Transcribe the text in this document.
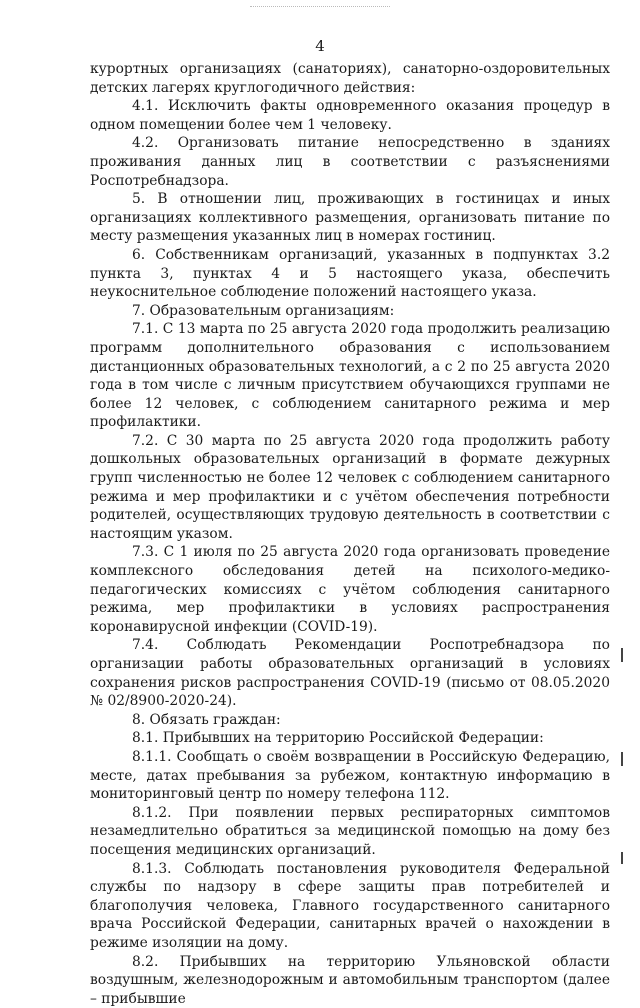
4

курортных организациях (санаториях), санаторно-оздоровительных детских лагерях круглогодичного действия:

4.1. Исключить факты одновременного оказания процедур в одном помещении более чем 1 человеку.

4.2. Организовать питание непосредственно в зданиях проживания данных лиц в соответствии с разъяснениями Роспотребнадзора.

5. В отношении лиц, проживающих в гостиницах и иных организациях коллективного размещения, организовать питание по месту размещения указанных лиц в номерах гостиниц.

6. Собственникам организаций, указанных в подпунктах 3.2 пункта 3, пунктах 4 и 5 настоящего указа, обеспечить неукоснительное соблюдение положений настоящего указа.

7. Образовательным организациям:

7.1. С 13 марта по 25 августа 2020 года продолжить реализацию программ дополнительного образования с использованием дистанционных образовательных технологий, а с 2 по 25 августа 2020 года в том числе с личным присутствием обучающихся группами не более 12 человек, с соблюдением санитарного режима и мер профилактики.

7.2. С 30 марта по 25 августа 2020 года продолжить работу дошкольных образовательных организаций в формате дежурных групп численностью не более 12 человек с соблюдением санитарного режима и мер профилактики и с учётом обеспечения потребности родителей, осуществляющих трудовую деятельность в соответствии с настоящим указом.

7.3. С 1 июля по 25 августа 2020 года организовать проведение комплексного обследования детей на психолого-медико-педагогических комиссиях с учётом соблюдения санитарного режима, мер профилактики в условиях распространения коронавирусной инфекции (COVID-19).

7.4. Соблюдать Рекомендации Роспотребнадзора по организации работы образовательных организаций в условиях сохранения рисков распространения COVID-19 (письмо от 08.05.2020 № 02/8900-2020-24).

8. Обязать граждан:

8.1. Прибывших на территорию Российской Федерации:

8.1.1. Сообщать о своём возвращении в Российскую Федерацию, месте, датах пребывания за рубежом, контактную информацию в мониторинговый центр по номеру телефона 112.

8.1.2. При появлении первых респираторных симптомов незамедлительно обратиться за медицинской помощью на дому без посещения медицинских организаций.

8.1.3. Соблюдать постановления руководителя Федеральной службы по надзору в сфере защиты прав потребителей и благополучия человека, Главного государственного санитарного врача Российской Федерации, санитарных врачей о нахождении в режиме изоляции на дому.

8.2. Прибывших на территорию Ульяновской области воздушным, железнодорожным и автомобильным транспортом (далее – прибывшие
